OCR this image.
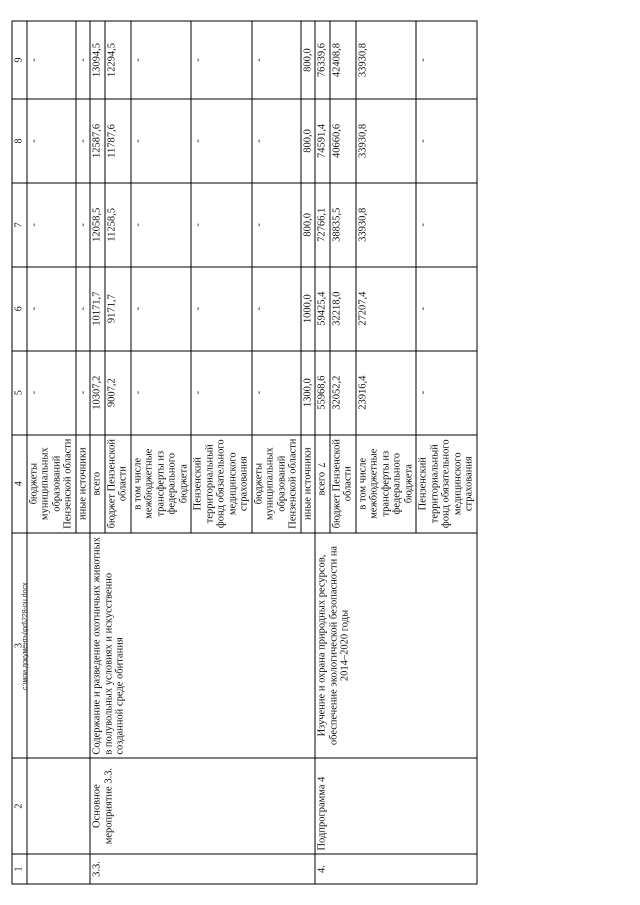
7
1	2	3	4	5	6	7	8	9
			бюджеты муниципальных образований Пензенской области	-	-	-	-	-
			иные источники	-	-	-	-	-
3.3.	Основное мероприятие 3.3.	Содержание и разведение охотничьих животных в полувольных условиях и искусственно созданной среде обитания	всего	10307,2	10171,7	12058,5	12587,6	13094,5
			бюджет Пензенской области	9007,2	9171,7	11258,5	11787,6	12294,5
			в том числе межбюджетные трансферты из федерального бюджета	-	-	-	-	-
			Пензенский территориальный фонд обязательного медицинского страхования	-	-	-	-	-
			бюджеты муниципальных образований Пензенской области	-	-	-	-	-
			иные источники	1300,0	1000,0	800,0	800,0	800,0
4.	Подпрограмма 4	Изучение и охрана природных ресурсов, обеспечение экологической безопасности на 2014–2020 годы	всего	55968,6	59425,4	72766,1	74591,4	76339,6
			бюджет Пензенской области	32052,2	32218,0	38835,5	40660,6	42408,8
			в том числе межбюджетные трансферты из федерального бюджета	23916,4	27207,4	33930,8	33930,8	33930,8
			Пензенский территориальный фонд обязательного медицинского страхования	-	-	-	-	-
c:\мои документы\рd\228-nu.docx
